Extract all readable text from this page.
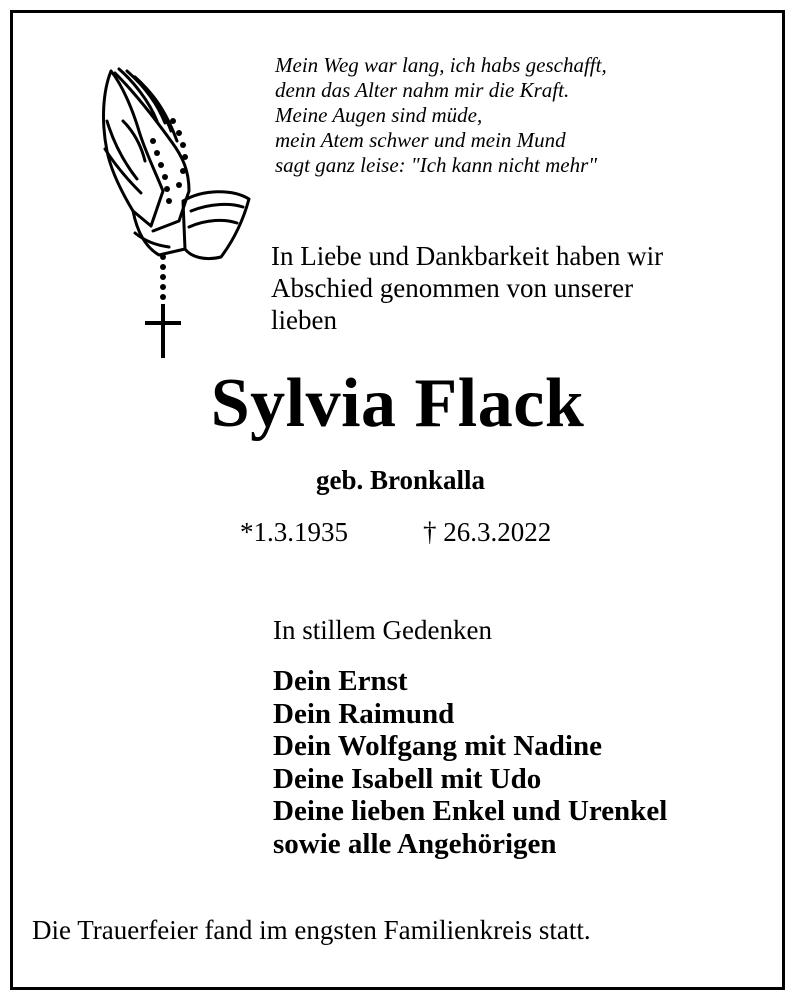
Mein Weg war lang, ich habs geschafft,
denn das Alter nahm mir die Kraft.
Meine Augen sind müde,
mein Atem schwer und mein Mund
sagt ganz leise: "Ich kann nicht mehr"
In Liebe und Dankbarkeit haben wir
Abschied genommen von unserer
lieben
Sylvia Flack
geb. Bronkalla
*1.3.1935	† 26.3.2022
In stillem Gedenken
Dein Ernst
Dein Raimund
Dein Wolfgang mit Nadine
Deine Isabell mit Udo
Deine lieben Enkel und Urenkel
sowie alle Angehörigen
Die Trauerfeier fand im engsten Familienkreis statt.
